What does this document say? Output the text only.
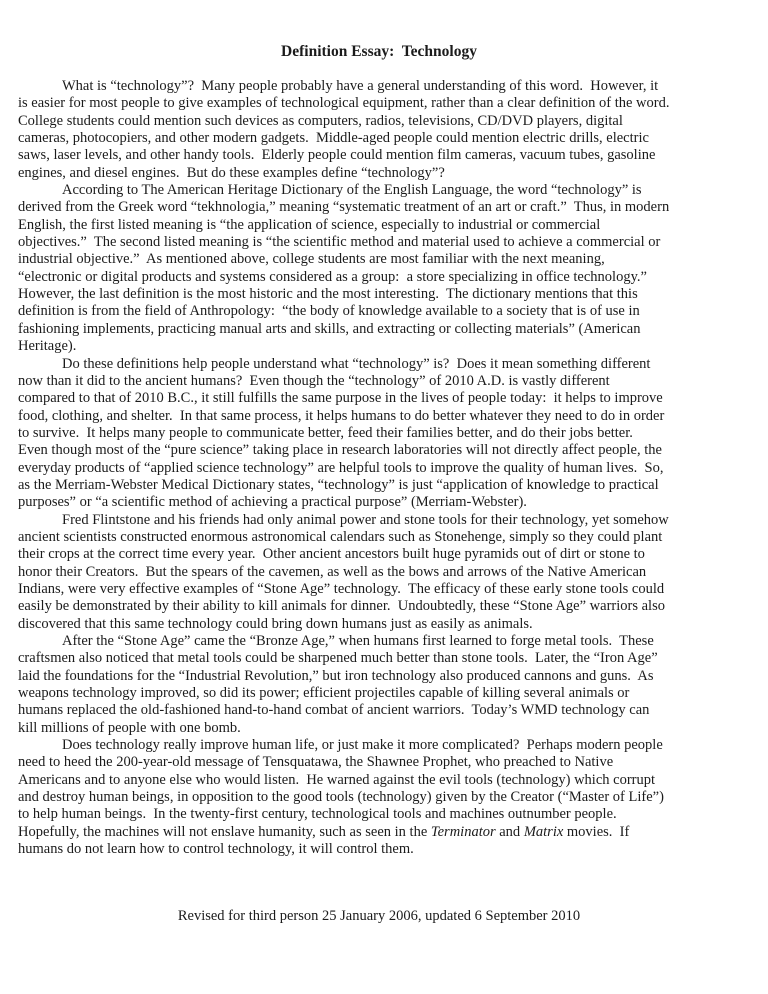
Definition Essay:  Technology

What is “technology”?  Many people probably have a general understanding of this word.  However, it
is easier for most people to give examples of technological equipment, rather than a clear definition of the word.
College students could mention such devices as computers, radios, televisions, CD/DVD players, digital
cameras, photocopiers, and other modern gadgets.  Middle-aged people could mention electric drills, electric
saws, laser levels, and other handy tools.  Elderly people could mention film cameras, vacuum tubes, gasoline
engines, and diesel engines.  But do these examples define “technology”?

According to The American Heritage Dictionary of the English Language, the word “technology” is
derived from the Greek word “tekhnologia,” meaning “systematic treatment of an art or craft.”  Thus, in modern
English, the first listed meaning is “the application of science, especially to industrial or commercial
objectives.”  The second listed meaning is “the scientific method and material used to achieve a commercial or
industrial objective.”  As mentioned above, college students are most familiar with the next meaning,
“electronic or digital products and systems considered as a group:  a store specializing in office technology.”
However, the last definition is the most historic and the most interesting.  The dictionary mentions that this
definition is from the field of Anthropology:  “the body of knowledge available to a society that is of use in
fashioning implements, practicing manual arts and skills, and extracting or collecting materials” (American
Heritage).

Do these definitions help people understand what “technology” is?  Does it mean something different
now than it did to the ancient humans?  Even though the “technology” of 2010 A.D. is vastly different
compared to that of 2010 B.C., it still fulfills the same purpose in the lives of people today:  it helps to improve
food, clothing, and shelter.  In that same process, it helps humans to do better whatever they need to do in order
to survive.  It helps many people to communicate better, feed their families better, and do their jobs better.
Even though most of the “pure science” taking place in research laboratories will not directly affect people, the
everyday products of “applied science technology” are helpful tools to improve the quality of human lives.  So,
as the Merriam-Webster Medical Dictionary states, “technology” is just “application of knowledge to practical
purposes” or “a scientific method of achieving a practical purpose” (Merriam-Webster).

Fred Flintstone and his friends had only animal power and stone tools for their technology, yet somehow
ancient scientists constructed enormous astronomical calendars such as Stonehenge, simply so they could plant
their crops at the correct time every year.  Other ancient ancestors built huge pyramids out of dirt or stone to
honor their Creators.  But the spears of the cavemen, as well as the bows and arrows of the Native American
Indians, were very effective examples of “Stone Age” technology.  The efficacy of these early stone tools could
easily be demonstrated by their ability to kill animals for dinner.  Undoubtedly, these “Stone Age” warriors also
discovered that this same technology could bring down humans just as easily as animals.

After the “Stone Age” came the “Bronze Age,” when humans first learned to forge metal tools.  These
craftsmen also noticed that metal tools could be sharpened much better than stone tools.  Later, the “Iron Age”
laid the foundations for the “Industrial Revolution,” but iron technology also produced cannons and guns.  As
weapons technology improved, so did its power; efficient projectiles capable of killing several animals or
humans replaced the old-fashioned hand-to-hand combat of ancient warriors.  Today’s WMD technology can
kill millions of people with one bomb.

Does technology really improve human life, or just make it more complicated?  Perhaps modern people
need to heed the 200-year-old message of Tensquatawa, the Shawnee Prophet, who preached to Native
Americans and to anyone else who would listen.  He warned against the evil tools (technology) which corrupt
and destroy human beings, in opposition to the good tools (technology) given by the Creator (“Master of Life”)
to help human beings.  In the twenty-first century, technological tools and machines outnumber people.
Hopefully, the machines will not enslave humanity, such as seen in the Terminator and Matrix movies.  If
humans do not learn how to control technology, it will control them.

Revised for third person 25 January 2006, updated 6 September 2010
